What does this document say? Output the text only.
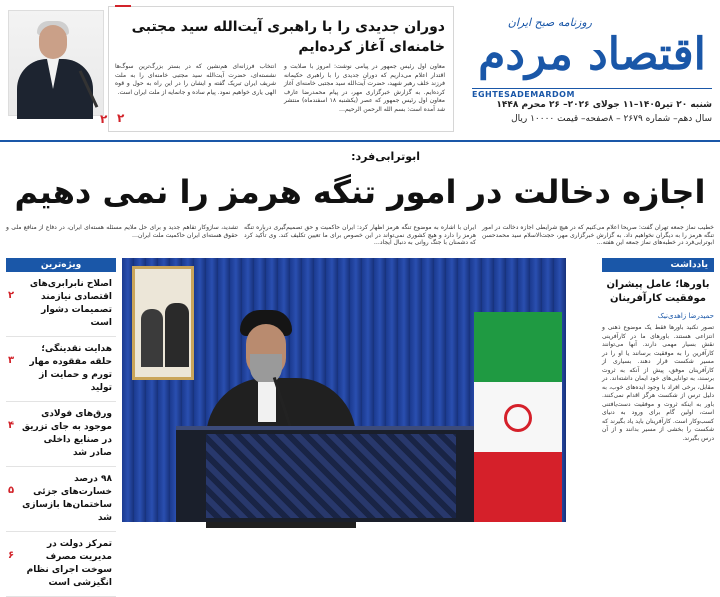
روزنامه صبح ایران
اقتصاد مردم
EGHTESADEMARDOM
شنبه ۲۰ تیر۱۴۰۵–۱۱ جولای ۲۰۲۶– ۲۶ محرم ۱۴۴۸
سال دهم– شماره ۲۶۷۹ – ۸صفحه– قیمت ۱۰۰۰۰ ریال
دوران جدیدی را با راهبری آیت‌الله سید مجتبی خامنه‌ای آغاز کرده‌ایم
معاون اول رئیس جمهور در پیامی نوشت: امروز با صلابت و اقتدار اعلام می‌داریم که دوران جدیدی را با راهبری حکیمانه فرزند خلف رهبر شهید، حضرت آیت‌الله سید مجتبی خامنه‌ای آغاز کرده‌ایم. به گزارش خبرگزاری مهر، در پیام محمدرضا عارف معاون اول رئیس جمهور که عصر (یکشنبه ۱۸ اسفندماه) منتشر شد آمده است: بسم الله الرحمن الرحیم…
انتخاب فرزانه‌ای هم‌نشین که در بستر بزرگ‌ترین سوگ‌ها نشسته‌ای، حضرت آیت‌الله سید مجتبی خامنه‌ای را به ملت شریف ایران تبریک گفته و ایشان را در این راه به حول و قوه الهی یاری خواهیم نمود. پیام ساده و جانمایه از ملت ایران است.
۲
۲
ابوترابی‌فرد:
اجازه دخالت در امور تنگه هرمز را نمی دهیم
خطیب نماز جمعه تهران گفت: صریحا اعلام می‌کنیم که در هیچ شرایطی اجازه دخالت در امور تنگه هرمز را به دیگران نخواهیم داد. به گزارش خبرگزاری مهر، حجت‌الاسلام سید محمدحسن ابوترابی‌فرد در خطبه‌های نماز جمعه این هفته…
ایران با اشاره به موضوع تنگه هرمز اظهار کرد: ایران حاکمیت و حق تصمیم‌گیری درباره تنگه هرمز را دارد و هیچ کشوری نمی‌تواند در این خصوص برای ما تعیین تکلیف کند. وی تأکید کرد که دشمنان با جنگ روانی به دنبال ایجاد…
تشدید، سازوکار تفاهم جدید و برای حل ملایم مسئله هسته‌ای ایران، در دفاع از منافع ملی و حقوق هسته‌ای ایران حاکمیت ملت ایران…
یادداشت
باورها؛ عامل پیشران موفقیت کارآفرینان
حمیدرضا زاهدی‌نیک
تصور نکنید باورها فقط یک موضوع ذهنی و انتزاعی هستند. باورهای ما در کارآفرینی نقش بسیار مهمی دارند. آنها می‌توانند کارآفرین را به موفقیت برسانند یا او را در مسیر شکست قرار دهند. بسیاری از کارآفرینان موفق، پیش از آنکه به ثروت برسند، به توانایی‌های خود ایمان داشته‌اند. در مقابل، برخی افراد با وجود ایده‌های خوب، به دلیل ترس از شکست هرگز اقدام نمی‌کنند. باور به اینکه ثروت و موفقیت دست‌یافتنی است، اولین گام برای ورود به دنیای کسب‌وکار است. کارآفرینان باید یاد بگیرند که شکست را بخشی از مسیر بدانند و از آن درس بگیرند.
ویژه‌ترین
اصلاح نابرابری‌های اقتصادی نیازمند تصمیمات دشوار است
۲
هدایت نقدینگی؛ حلقه مفقوده مهار تورم و حمایت از تولید
۳
ورق‌های فولادی موجود به جای تزریق در صنایع داخلی صادر شد
۴
۹۸ درصد خسارت‌های جزئی ساختمان‌ها بازسازی شد
۵
تمرکز دولت در مدیریت مصرف سوخت اجرای نظام انگیزشی است
۶
